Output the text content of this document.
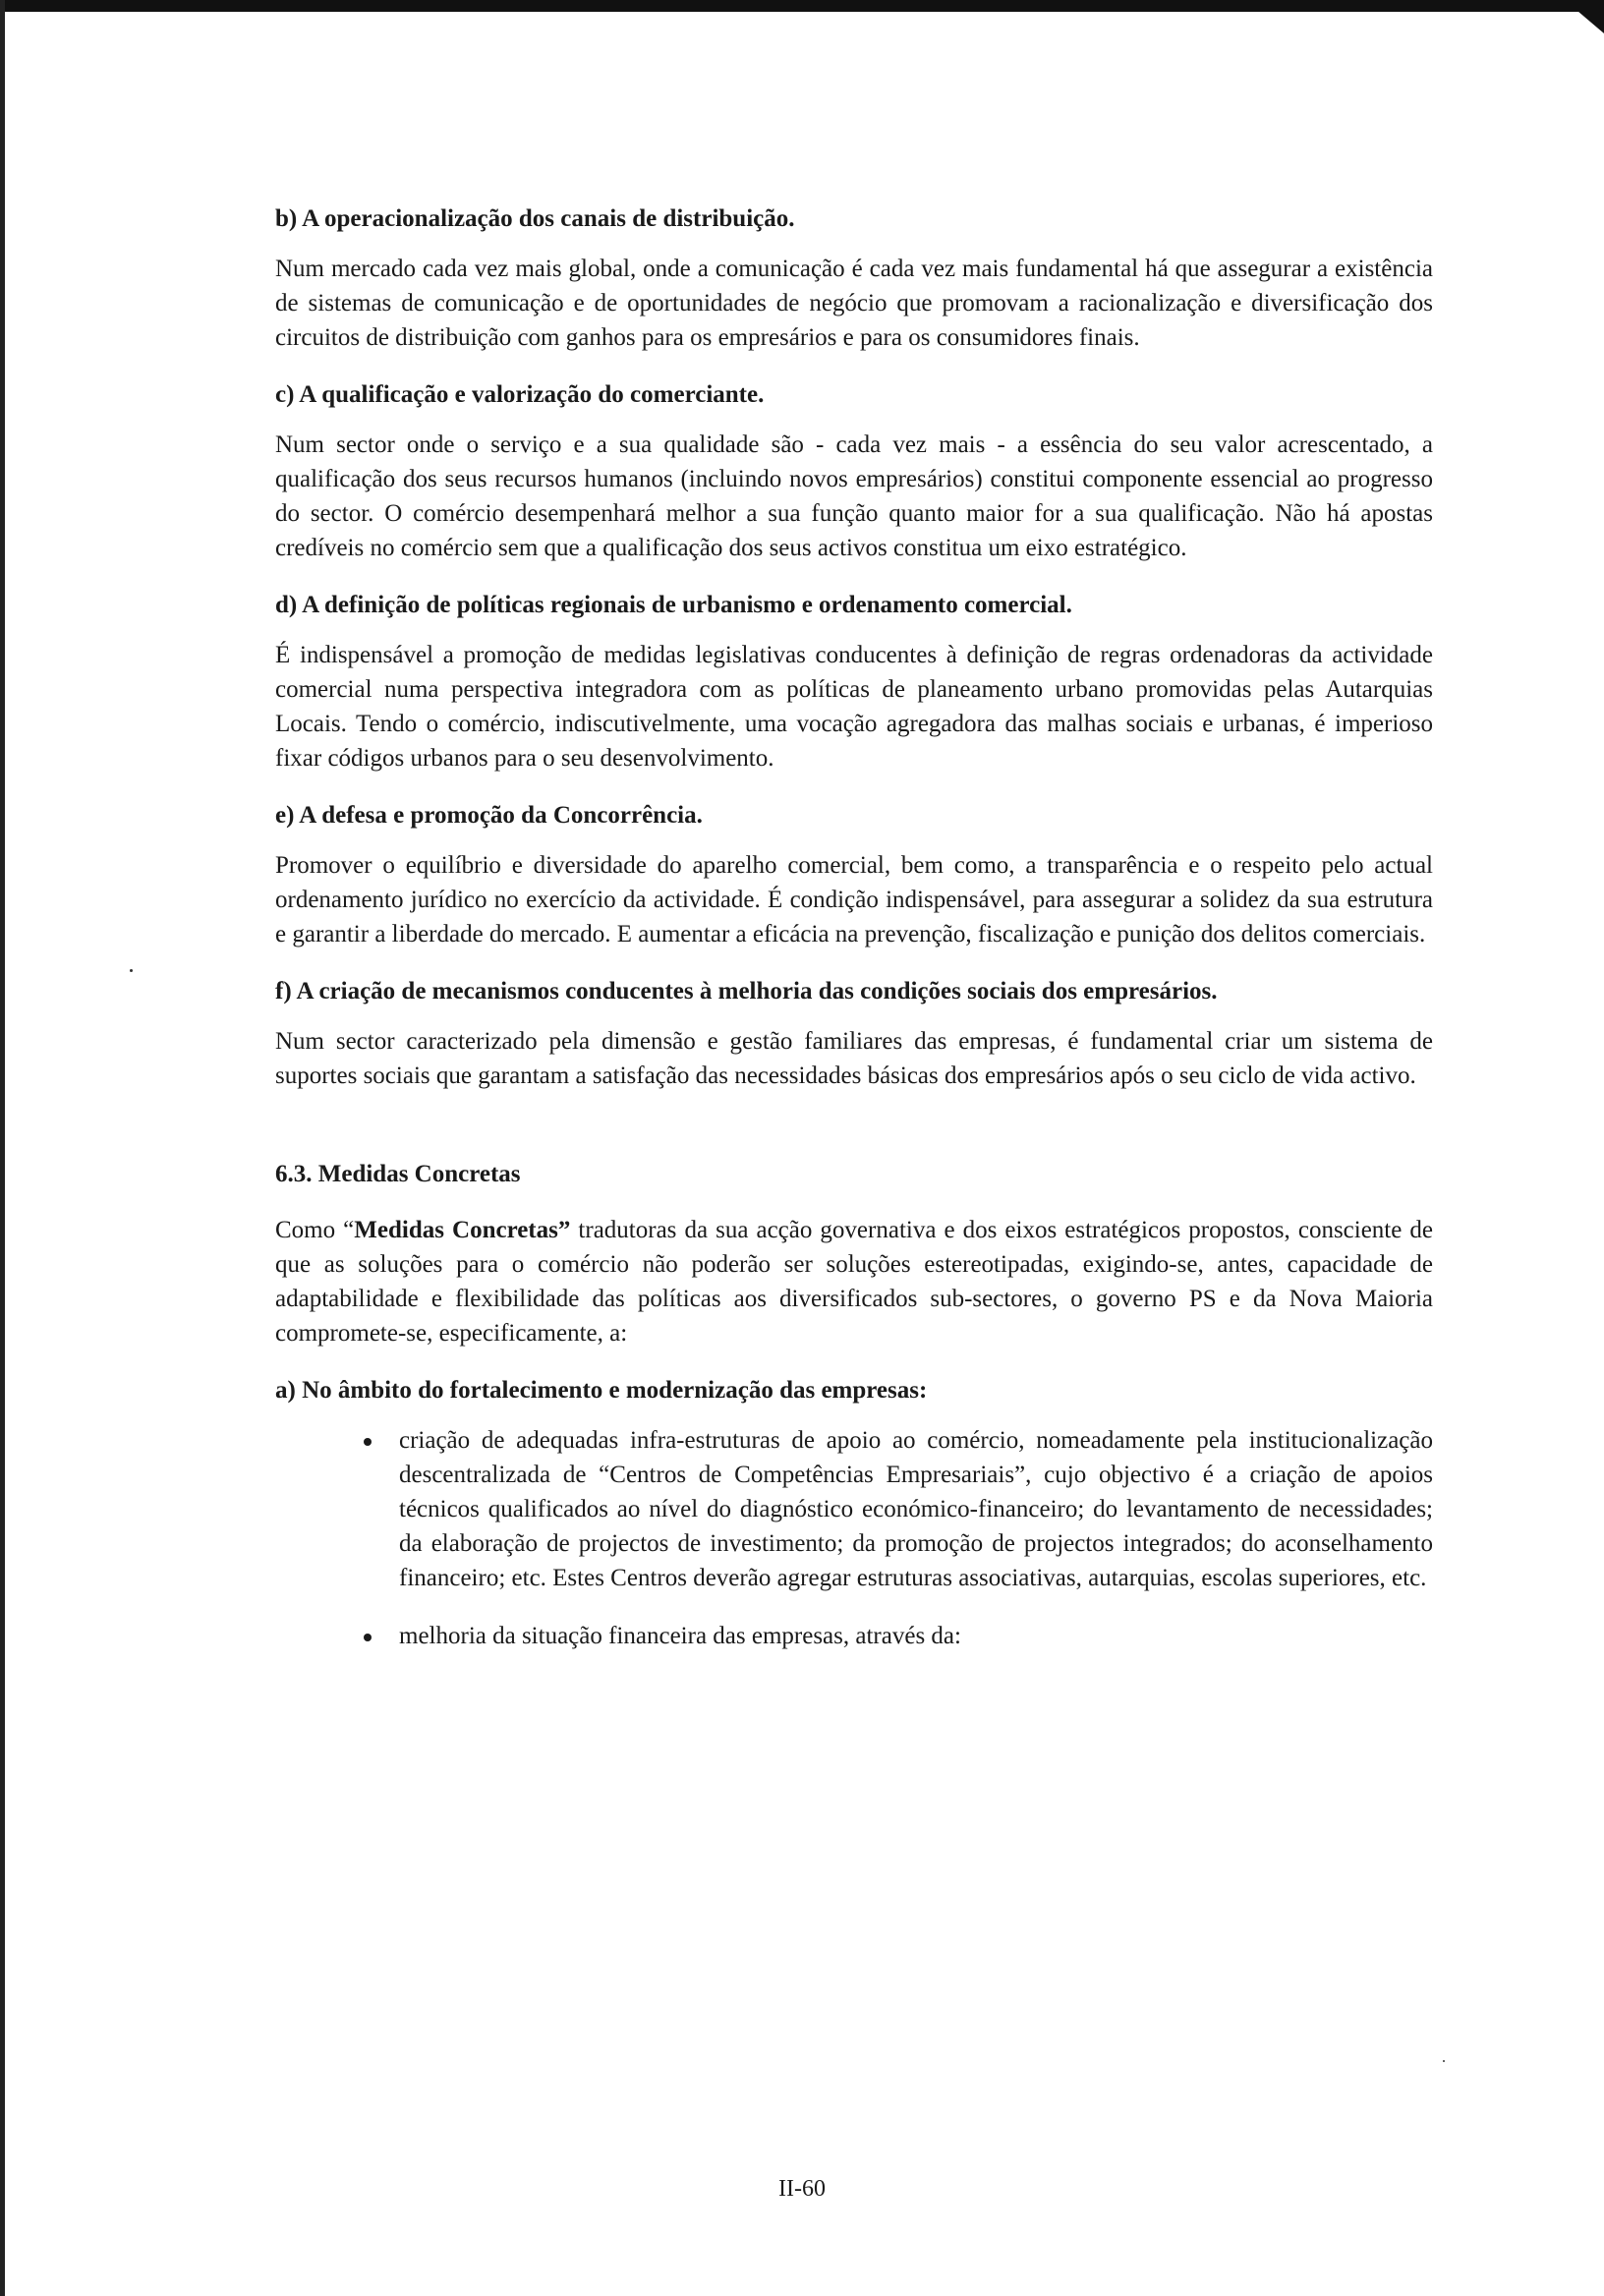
b) A operacionalização dos canais de distribuição.
Num mercado cada vez mais global, onde a comunicação é cada vez mais fundamental há que assegurar a existência de sistemas de comunicação e de oportunidades de negócio que promovam a racionalização e diversificação dos circuitos de distribuição com ganhos para os empresários e para os consumidores finais.
c) A qualificação e valorização do comerciante.
Num sector onde o serviço e a sua qualidade são - cada vez mais - a essência do seu valor acrescentado, a qualificação dos seus recursos humanos (incluindo novos empresários) constitui componente essencial ao progresso do sector. O comércio desempenhará melhor a sua função quanto maior for a sua qualificação. Não há apostas credíveis no comércio sem que a qualificação dos seus activos constitua um eixo estratégico.
d) A definição de políticas regionais de urbanismo e ordenamento comercial.
É indispensável a promoção de medidas legislativas conducentes à definição de regras ordenadoras da actividade comercial numa perspectiva integradora com as políticas de planeamento urbano promovidas pelas Autarquias Locais. Tendo o comércio, indiscutivelmente, uma vocação agregadora das malhas sociais e urbanas, é imperioso fixar códigos urbanos para o seu desenvolvimento.
e) A defesa e promoção da Concorrência.
Promover o equilíbrio e diversidade do aparelho comercial, bem como, a transparência e o respeito pelo actual ordenamento jurídico no exercício da actividade. É condição indispensável, para assegurar a solidez da sua estrutura e garantir a liberdade do mercado. E aumentar a eficácia na prevenção, fiscalização e punição dos delitos comerciais.
f) A criação de mecanismos conducentes à melhoria das condições sociais dos empresários.
Num sector caracterizado pela dimensão e gestão familiares das empresas, é fundamental criar um sistema de suportes sociais que garantam a satisfação das necessidades básicas dos empresários após o seu ciclo de vida activo.
6.3. Medidas Concretas
Como “Medidas Concretas” tradutoras da sua acção governativa e dos eixos estratégicos propostos, consciente de que as soluções para o comércio não poderão ser soluções estereotipadas, exigindo-se, antes, capacidade de adaptabilidade e flexibilidade das políticas aos diversificados sub-sectores, o governo PS e da Nova Maioria compromete-se, especificamente, a:
a) No âmbito do fortalecimento e modernização das empresas:
criação de adequadas infra-estruturas de apoio ao comércio, nomeadamente pela institucionalização descentralizada de “Centros de Competências Empresariais”, cujo objectivo é a criação de apoios técnicos qualificados ao nível do diagnóstico económico-financeiro; do levantamento de necessidades; da elaboração de projectos de investimento; da promoção de projectos integrados; do aconselhamento financeiro; etc. Estes Centros deverão agregar estruturas associativas, autarquias, escolas superiores, etc.
melhoria da situação financeira das empresas, através da:
II-60
